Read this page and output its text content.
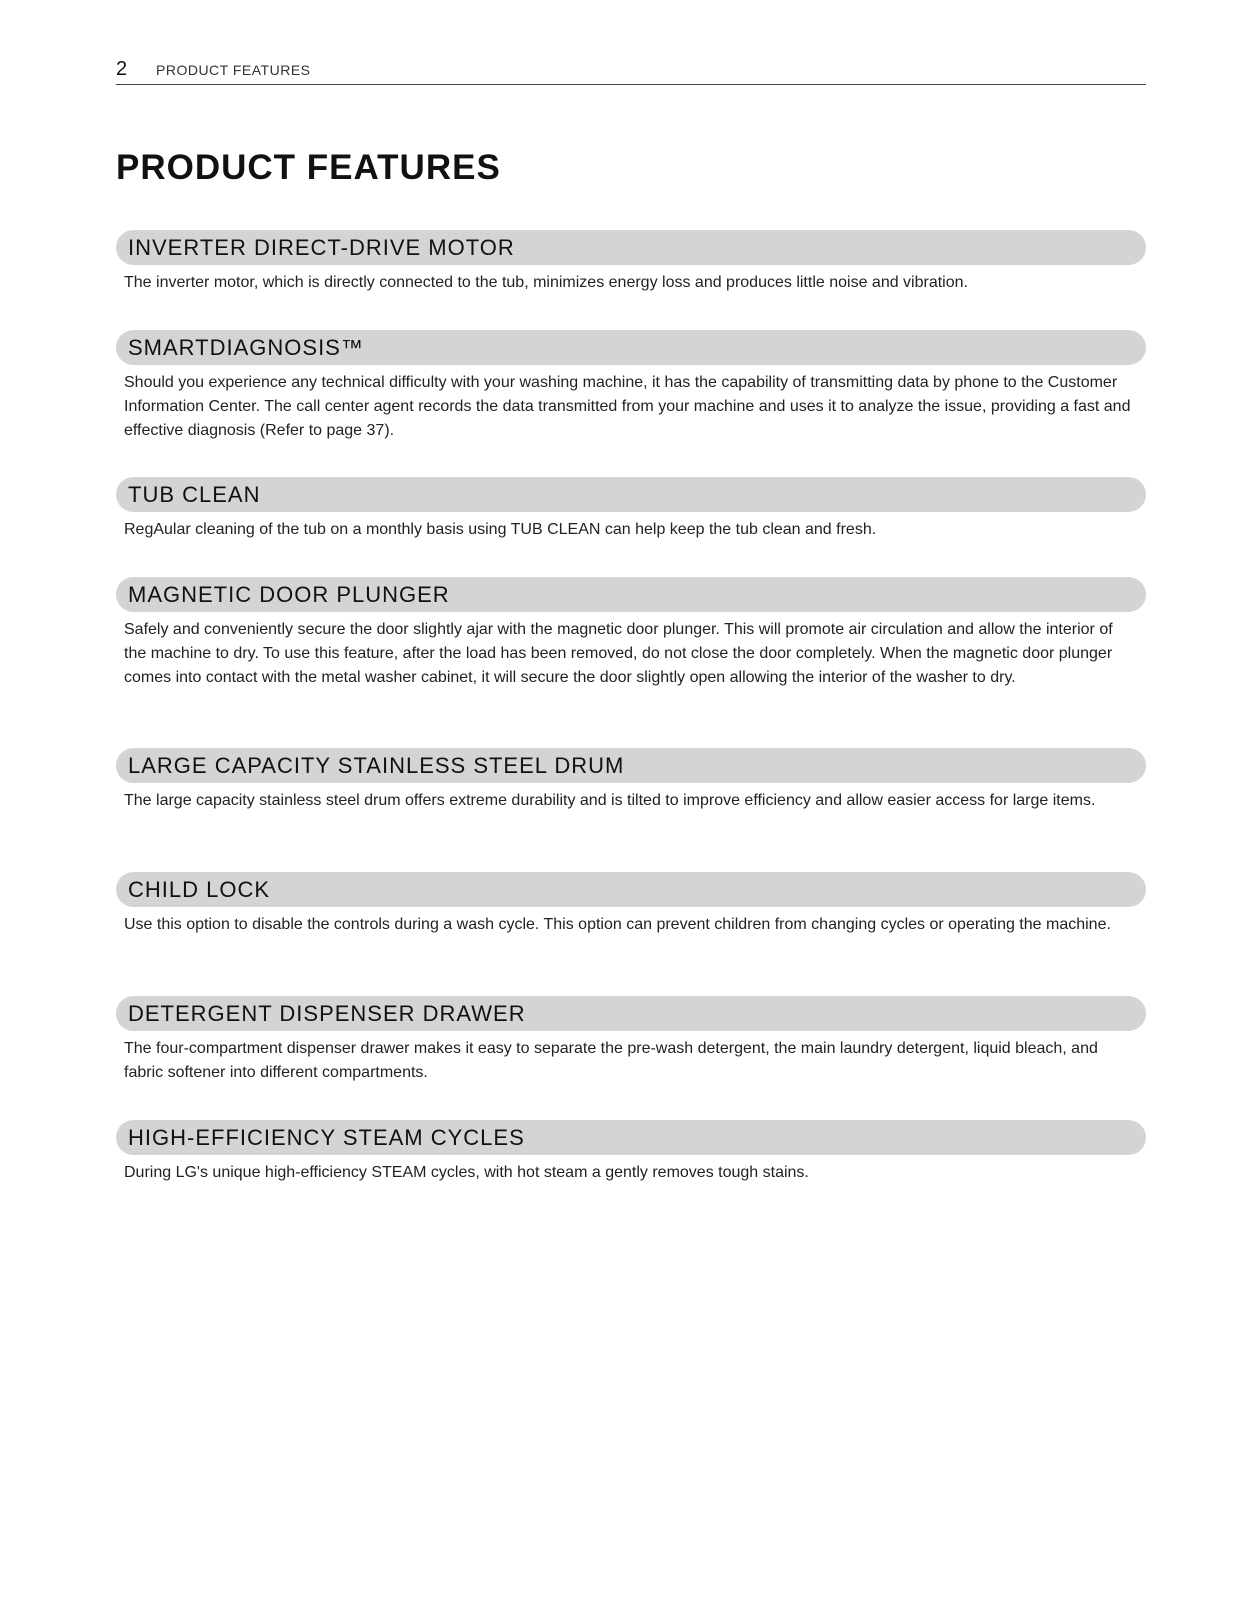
2	PRODUCT FEATURES
PRODUCT FEATURES
INVERTER DIRECT-DRIVE MOTOR

The inverter motor, which is directly connected to the tub, minimizes energy loss and produces little noise and vibration.

SMARTDIAGNOSIS™

Should you experience any technical difficulty with your washing machine, it has the capability of transmitting data by phone to the Customer Information Center. The call center agent records the data transmitted from your machine and uses it to analyze the issue, providing a fast and effective diagnosis (Refer to page 37).

TUB CLEAN

RegAular cleaning of the tub on a monthly basis using TUB CLEAN can help keep the tub clean and fresh.

MAGNETIC DOOR PLUNGER

Safely and conveniently secure the door slightly ajar with the magnetic door plunger. This will promote air circulation and allow the interior of the machine to dry. To use this feature, after the load has been removed, do not close the door completely. When the magnetic door plunger comes into contact with the metal washer cabinet, it will secure the door slightly open allowing the interior of the washer to dry.

LARGE CAPACITY STAINLESS STEEL DRUM

The large capacity stainless steel drum offers extreme durability and is tilted to improve efficiency and allow easier access for large items.

CHILD LOCK

Use this option to disable the controls during a wash cycle. This option can prevent children from changing cycles or operating the machine.

DETERGENT DISPENSER DRAWER

The four-compartment dispenser drawer makes it easy to separate the pre-wash detergent, the main laundry detergent, liquid bleach, and fabric softener into different compartments.

HIGH-EFFICIENCY STEAM CYCLES

During LG's unique high-efficiency STEAM cycles, with hot steam a gently removes tough stains.
